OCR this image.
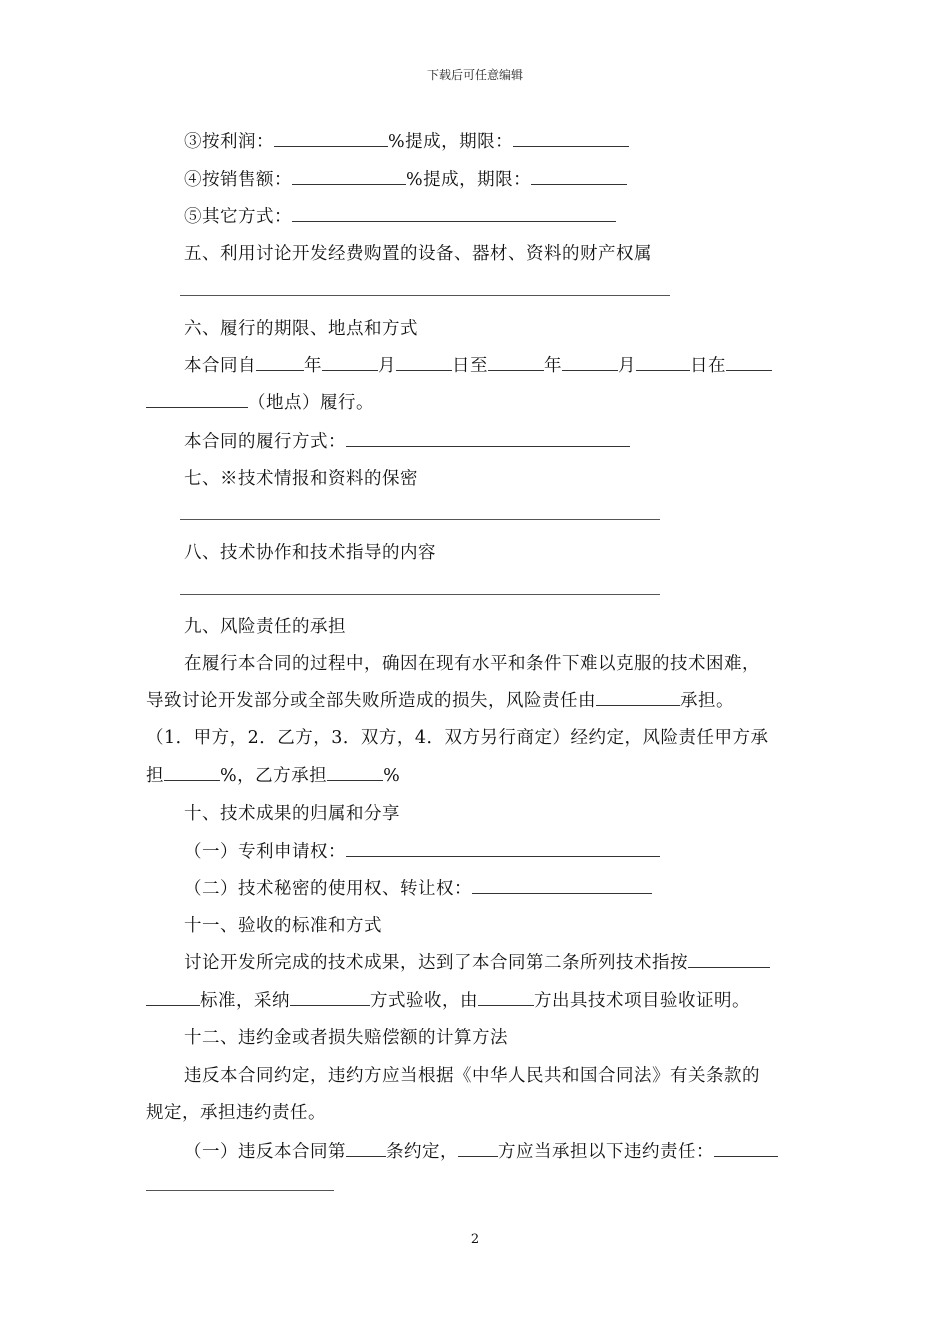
下载后可任意编辑
③按利润：	%提成，期限：
④按销售额：	%提成，期限：
⑤其它方式：
五、利用讨论开发经费购置的设备、器材、资料的财产权属
六、履行的期限、地点和方式
本合同自	年	月	日至	年	月	日在
（地点）履行。
本合同的履行方式：
七、※技术情报和资料的保密
八、技术协作和技术指导的内容
九、风险责任的承担
在履行本合同的过程中，确因在现有水平和条件下难以克服的技术困难，
导致讨论开发部分或全部失败所造成的损失，风险责任由	承担。
（1．甲方，2．乙方，3．双方，4．双方另行商定）经约定，风险责任甲方承
担	%，乙方承担	%
十、技术成果的归属和分享
（一）专利申请权：
（二）技术秘密的使用权、转让权：
十一、验收的标准和方式
讨论开发所完成的技术成果，达到了本合同第二条所列技术指按
标准，采纳	方式验收，由	方出具技术项目验收证明。
十二、违约金或者损失赔偿额的计算方法
违反本合同约定，违约方应当根据《中华人民共和国合同法》有关条款的
规定，承担违约责任。
（一）违反本合同第 条约定， 方应当承担以下违约责任：
2
